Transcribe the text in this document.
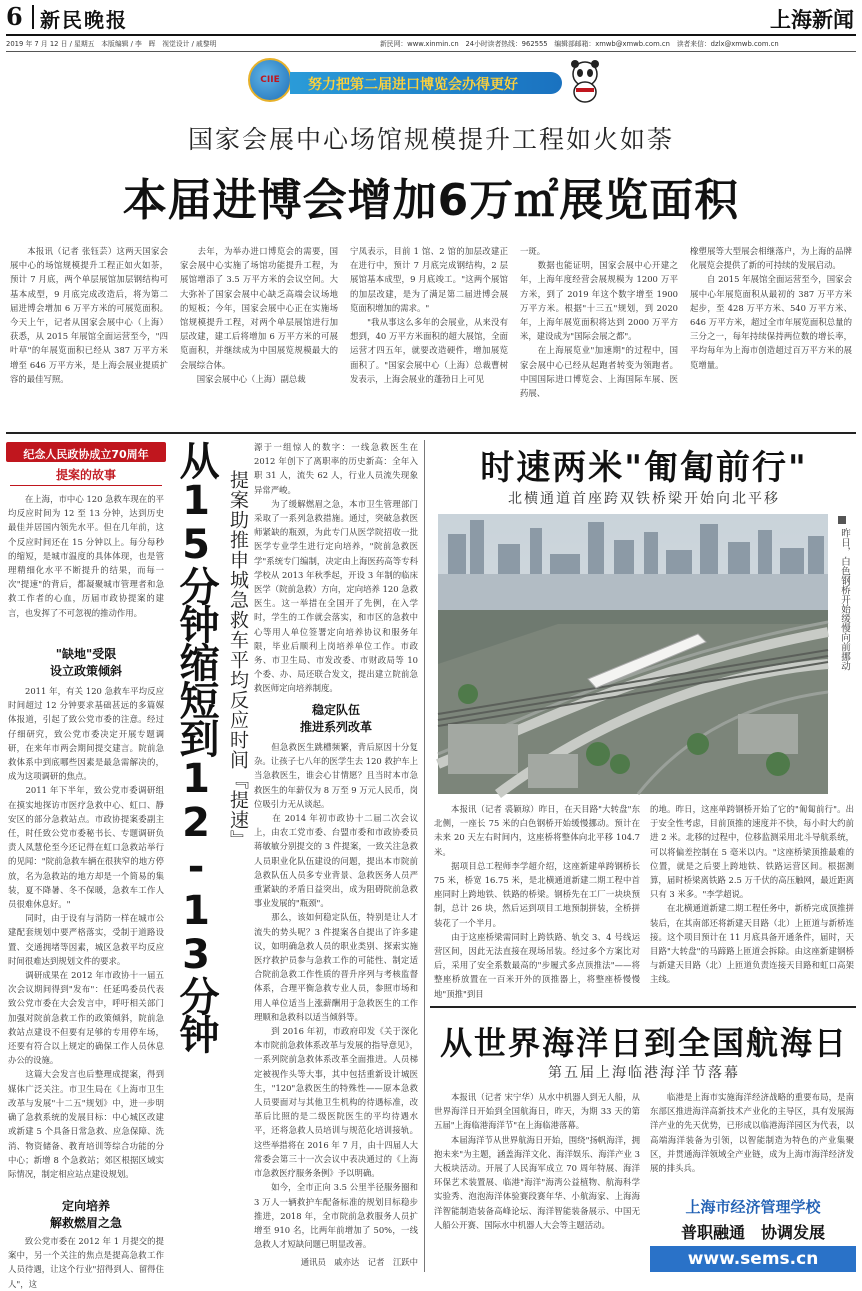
6 新民晚报	上海新闻
2019 年 7 月 12 日 / 星期五　本版编辑 / 李　晖　视觉设计 / 戚黎明	新民网：www.xinmin.cn　24小时读者热线：962555　编辑部邮箱：xmwb@xmwb.com.cn　读者来信：dzlx@xmwb.com.cn
CIIE	努力把第二届进口博览会办得更好
国家会展中心场馆规模提升工程如火如荼
本届进博会增加6万㎡展览面积
　　本报讯（记者 张钰芸）这两天国家会展中心的场馆规模提升工程正如火如荼，预计 7 月底，两个单层展馆加层钢结构可基本成型，9 月底完成改造后，将为第二届进博会增加 6 万平方米的可展览面积。今天上午，记者从国家会展中心（上海）获悉，从 2015 年展馆全面运营至今，"四叶草"的年展览面积已经从 387 万平方米增至 646 万平方米，是上海会展业提质扩容的最佳写照。
　　去年，为举办进口博览会的需要，国家会展中心实施了场馆功能提升工程，为展馆增添了 3.5 万平方米的会议空间。大大弥补了国家会展中心缺乏高端会议场地的短板；今年，国家会展中心正在实施场馆规模提升工程，对两个单层展馆进行加层改建，建工后将增加 6 万平方米的可展览面积，并继续成为中国展览规模最大的会展综合体。
　　国家会展中心（上海）副总裁
宁凤表示，目前 1 馆、2 馆的加层改建正在进行中，预计 7 月底完成钢结构，2 层展馆基本成型，9 月底竣工。"这两个展馆的加层改建，是为了满足第二届进博会展览面积增加的需求。"
　　"我从事这么多年的会展业，从来没有想到，40 万平方米面积的超大展馆，全面运营才四五年，就要改造硬件，增加展览面积了。"国家会展中心（上海）总裁曹树发表示，上海会展业的蓬勃日上可见
一斑。
　　数据也能证明，国家会展中心开建之年，上海年度经营会展规模为 1200 万平方米，到了 2019 年这个数字增至 1900 万平方米。根据"十三五"规划，到 2020 年，上海年展览面积将达到 2000 万平方米，建设成为"国际会展之都"。
　　在上海展览业"加速期"的过程中，国家会展中心已经从起跑者转变为领跑者。中国国际进口博览会、上海国际车展、医药展、
橡塑展等大型展会相继落户，为上海的品牌化展览会提供了新的可持续的发展启动。
　　自 2015 年展馆全面运营至今，国家会展中心年展览面积从最初的 387 万平方米起步，至 428 万平方米、540 万平方米、646 万平方米，超过全市年展览面积总量的三分之一，每年持续保持两位数的增长率，平均每年为上海市创造超过百万平方米的展览增量。
纪念人民政协成立70周年
提案的故事
　　在上海，市中心 120 急救车现在的平均反应时间为 12 至 13 分钟，达到历史最佳并居国内领先水平。但在几年前，这个反应时间还在 15 分钟以上。每分每秒的缩短，是城市温度的具体体现，也是管理精细化水平不断提升的结果，而每一次"提速"的背后，都凝聚城市管理者和急救工作者的心血，历届市政协提案的建言，也发挥了不可忽视的推动作用。
"缺地"受限
设立政策倾斜
　　2011 年，有关 120 急救车平均反应时间超过 12 分钟要求基础甚远的多篇媒体报道，引起了致公党市委的注意。经过仔细研究，致公党市委决定开展专题调研，在来年市两会期间提交建言。院前急救体系中到底哪些因素是最急需解决的，成为这项调研的焦点。
　　2011 年下半年，致公党市委调研组在摸实地探访市医疗急救中心、虹口、静安区的部分急救站点。市政协提案委副主任，时任致公党市委秘书长、专题调研负责人凤慧伦至今还记得在虹口急救站举行的见闻："院前急救车辆在很狭窄的地方停放，名为急救站的地方却是一个简易的集装，夏不降暑、冬不保暖，急救车工作人员很难休息好。"
　　同时，由于设有与消防一样在城市公建配套规划中要严格落实，受制于道路设置、交通拥堵等因素，城区急救平均反应时间很难达到规划文件的要求。
　　调研成果在 2012 年市政协十一届五次会议期间得到"发布"：任延鸣委员代表致公党市委在大会发言中，呼吁相关部门加强对院前急救工作的政策倾斜，院前急救站点建设不但要有足够的专用停车场，还要有符合以上规定的确保工作人员休息办公的设施。
　　这篇大会发言也后整理成提案，得到媒体广泛关注。市卫生局在《上海市卫生改革与发展"十二五"规划》中，进一步明确了急救系统的发展目标：中心城区改建或新建 5 个具备日常急救、应急保障、洗消、物资储备、教育培训等综合功能的分中心；新增 8 个急救站；郊区根据区域实际情况，制定相应站点建设规划。
定向培养
解救燃眉之急
　　致公党市委在 2012 年 1 月提交的提案中，另一个关注的焦点是提高急救工作人员待遇，让这个行业"招得到人、留得住人"，这
从15分钟缩短到12-13分钟 提案助推申城急救车平均反应时间『提速』
源于一组惊人的数字：一线急救医生在 2012 年创下了离职率的历史新高：全年入职 31 人，流失 62 人，行业人员流失现象异常严峻。
　　为了缓解燃眉之急，本市卫生管理部门采取了一系列急救措施。通过，突破急救医师紧缺的瓶颈，为此专门从医学院招收一批医学专业学生进行定向培养，"院前急救医学"系统专门编制，决定由上海医药高等专科学校从 2013 年秋季起，开设 3 年制的临床医学（院前急救）方向，定向培养 120 急救医生。这一举措在全国开了先例，在入学时，学生的工作就会落实，和市区的急救中心等用人单位签署定向培养协议和服务年限，毕业后顺利上岗培养单位工作。市政务、市卫生局、市发改委、市财政局等 10 个委、办、局还联合发文，提出建立院前急救医师定向培养制度。
稳定队伍
推进系列改革
　　但急救医生跳槽频繁，背后原因十分复杂。让孩子七八年的医学生去 120 救护车上当急救医生，谁会心甘情愿？且当时本市急救医生的年薪仅为 8 万至 9 万元人民币，岗位吸引力无从谈起。
　　在 2014 年初市政协十二届二次会议上，由农工党市委、台盟市委和市政协委员蒋敏敏分别提交的 3 件提案，一致关注急救人员职业化队伍建设的问题，提出本市院前急救队伍人员多专业背景、急救医务人员严重紧缺的矛盾日益突出，成为阻碍院前急救事业发展的"瓶颈"。
　　那么，该如何稳定队伍，特别是让人才流失的势头呢？3 件提案各自提出了许多建议，如明确急救人员的职业类别、探索实施医疗救护员参与急救工作的可能性、制定适合院前急救工作性质的晋升序列与考核监督体系，合理平衡急救专业人员，参照市场和用人单位适当上涨薪酬用于急救医生的工作理顺和急救科以适当倾斜等。
　　到 2016 年初，市政府印发《关于深化本市院前急救体系改革与发展的指导意见》，一系列院前急救体系改革全面推进。人员梯定被视作头等大事，其中包括重新设计城医生，"120"急救医生的特殊性——原本急救人员要面对与其他卫生机构的待遇标准，改革后比照的是二级医院医生的平均待遇水平，还将急救人员培训与规范化培训接轨。这些举措将在 2016 年 7 月，由十四届人大常委会第三十一次会议中表决通过的《上海市急救医疗服务条例》予以明确。
　　如今，全市正向 3.5 公里半径服务圈和 3 万人一辆救护车配备标准的规划目标稳步推进，2018 年，全市院前急救服务人员扩增至 910 名，比两年前增加了 50%，一线急救人才短缺问题已明显改善。
通讯员　戚亦达　记者　江跃中
时速两米"匍匐前行"
北横通道首座跨双铁桥梁开始向北平移
昨日，白色钢桥开始缓慢向前挪动
　　本报讯（记者 裘颖琼）昨日，在天目路"大转盘"东北侧，一座长 75 米的白色钢桥开始缓慢挪动。预计在未来 20 天左右时间内，这座桥将整体向北平移 104.7 米。
　　据项目总工程师李学超介绍，这座新建单跨钢桥长 75 米，桥宽 16.75 米，是北横通道新建二期工程中首座同时上跨地铁、铁路的桥梁。钢桥先在工厂一块块预制，总计 26 块，然后运到项目工地预制拼装，全桥拼装花了一个半月。
　　由于这座桥梁需同时上跨铁路、轨交 3、4 号线运营区间，因此无法直接在现场吊装。经过多个方案比对后，采用了安全系数最高的"步履式多点顶推法"——将整座桥放置在一百米开外的顶推器上，将整座桥慢慢地"顶推"到目
的地。昨日，这座单跨钢桥开始了它的"匍匐前行"。出于安全性考虑，目前顶推的速度并不快，每小时大约前进 2 米。北移的过程中，位移监测采用北斗导航系统，可以将偏差控制在 5 毫米以内。"这座桥梁顶推最难的位置，就是之后要上跨地铁、铁路运营区间。根据测算，届时桥梁离铁路 2.5 万千伏的高压触网，最近距离只有 3 米多。"李学超说。
　　在北横通道新建二期工程任务中，新桥完成顶推拼装后，在其南部还将新建天目路（北）上匝道与新桥连接。这个项目预计在 11 月底具备开通条件，届时，天目路"大转盘"的马蹄路上匝道会拆除。由这座新建钢桥与新建天目路（北）上匝道负责连接天目路和虹口高架主线。
从世界海洋日到全国航海日
第五届上海临港海洋节落幕
　　本报讯（记者 宋宁华）从水中机器人到无人船，从世界海洋日开始到全国航海日，昨天，为期 33 天的第五届"上海临港海洋节"在上海临港落幕。
　　本届海洋节从世界航海日开始，围绕"扬帆海洋，拥抱未来"为主题，涵盖海洋文化、海洋娱乐、海洋产业 3 大板块活动。开展了人民海军成立 70 周年特展、海洋环保艺术装置展、临港"海洋"海湾公益植物、航海科学实验秀、泡泡海洋体验赛段赛年华、小航海家、上海海洋智能制造装备高峰论坛、海洋智能装备展示、中国无人船公开赛、国际水中机器人大会等主题活动。
　　临港是上海市实施海洋经济战略的重要布局，是南东部区推进海洋高新技术产业化的主导区，具有发展海洋产业的先天优势，已形成以临港海洋园区为代表，以高端海洋装备为引领，以智能制造为特色的产业集聚区，并贯通海洋领域全产业链，成为上海市海洋经济发展的排头兵。
上海市经济管理学校
普职融通　协调发展
www.sems.cn
